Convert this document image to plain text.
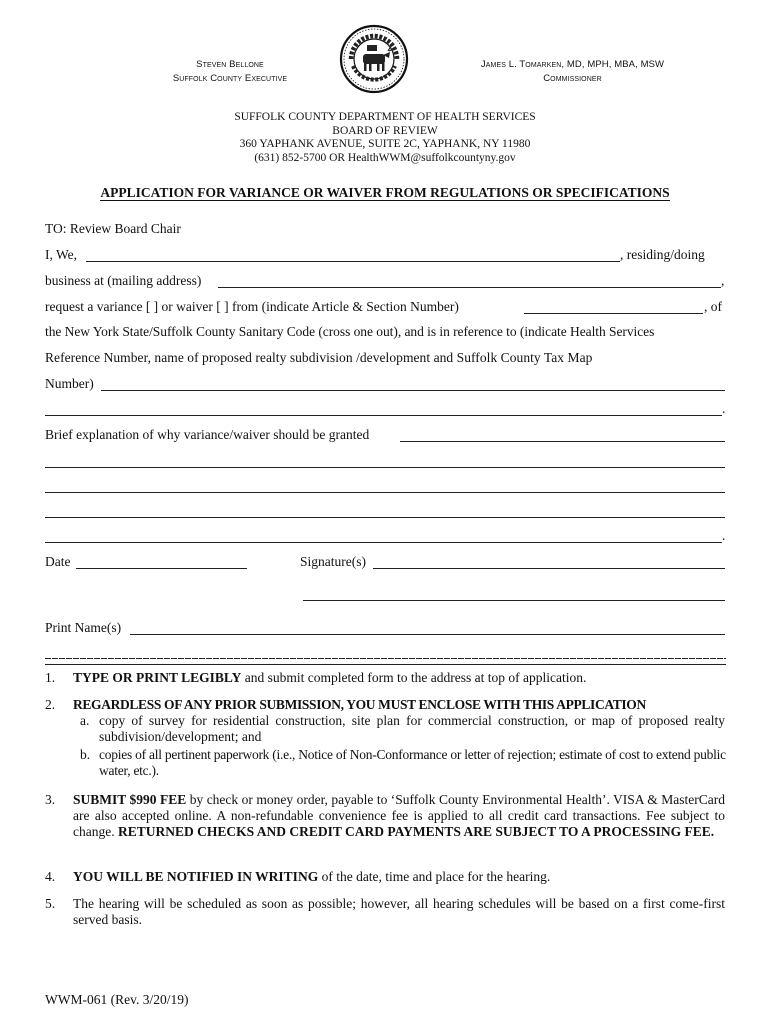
Steven Bellone
Suffolk County Executive
James L. Tomarken, MD, MPH, MBA, MSW
Commissioner
SUFFOLK COUNTY DEPARTMENT OF HEALTH SERVICES
BOARD OF REVIEW
360 YAPHANK AVENUE, SUITE 2C, YAPHANK, NY 11980
(631) 852-5700 OR HealthWWM@suffolkcountyny.gov
APPLICATION FOR VARIANCE OR WAIVER FROM REGULATIONS OR SPECIFICATIONS
TO: Review Board Chair
I, We,	, residing/doing
business at (mailing address)	,
request a variance [ ] or waiver [ ] from (indicate Article & Section Number)	, of
the New York State/Suffolk County Sanitary Code (cross one out), and is in reference to (indicate Health Services
Reference Number, name of proposed realty subdivision /development and Suffolk County Tax Map
Number)
.
Brief explanation of why variance/waiver should be granted
.
Date	Signature(s)
Print Name(s)
1. TYPE OR PRINT LEGIBLY and submit completed form to the address at top of application.
2. REGARDLESS OF ANY PRIOR SUBMISSION, YOU MUST ENCLOSE WITH THIS APPLICATION
a. copy of survey for residential construction, site plan for commercial construction, or map of proposed realty subdivision/development; and
b. copies of all pertinent paperwork (i.e., Notice of Non-Conformance or letter of rejection; estimate of cost to extend public water, etc.).
3. SUBMIT $990 FEE by check or money order, payable to ‘Suffolk County Environmental Health’. VISA & MasterCard are also accepted online. A non-refundable convenience fee is applied to all credit card transactions. Fee subject to change. RETURNED CHECKS AND CREDIT CARD PAYMENTS ARE SUBJECT TO A PROCESSING FEE.
4. YOU WILL BE NOTIFIED IN WRITING of the date, time and place for the hearing.
5. The hearing will be scheduled as soon as possible; however, all hearing schedules will be based on a first come-first served basis.
WWM-061 (Rev. 3/20/19)
